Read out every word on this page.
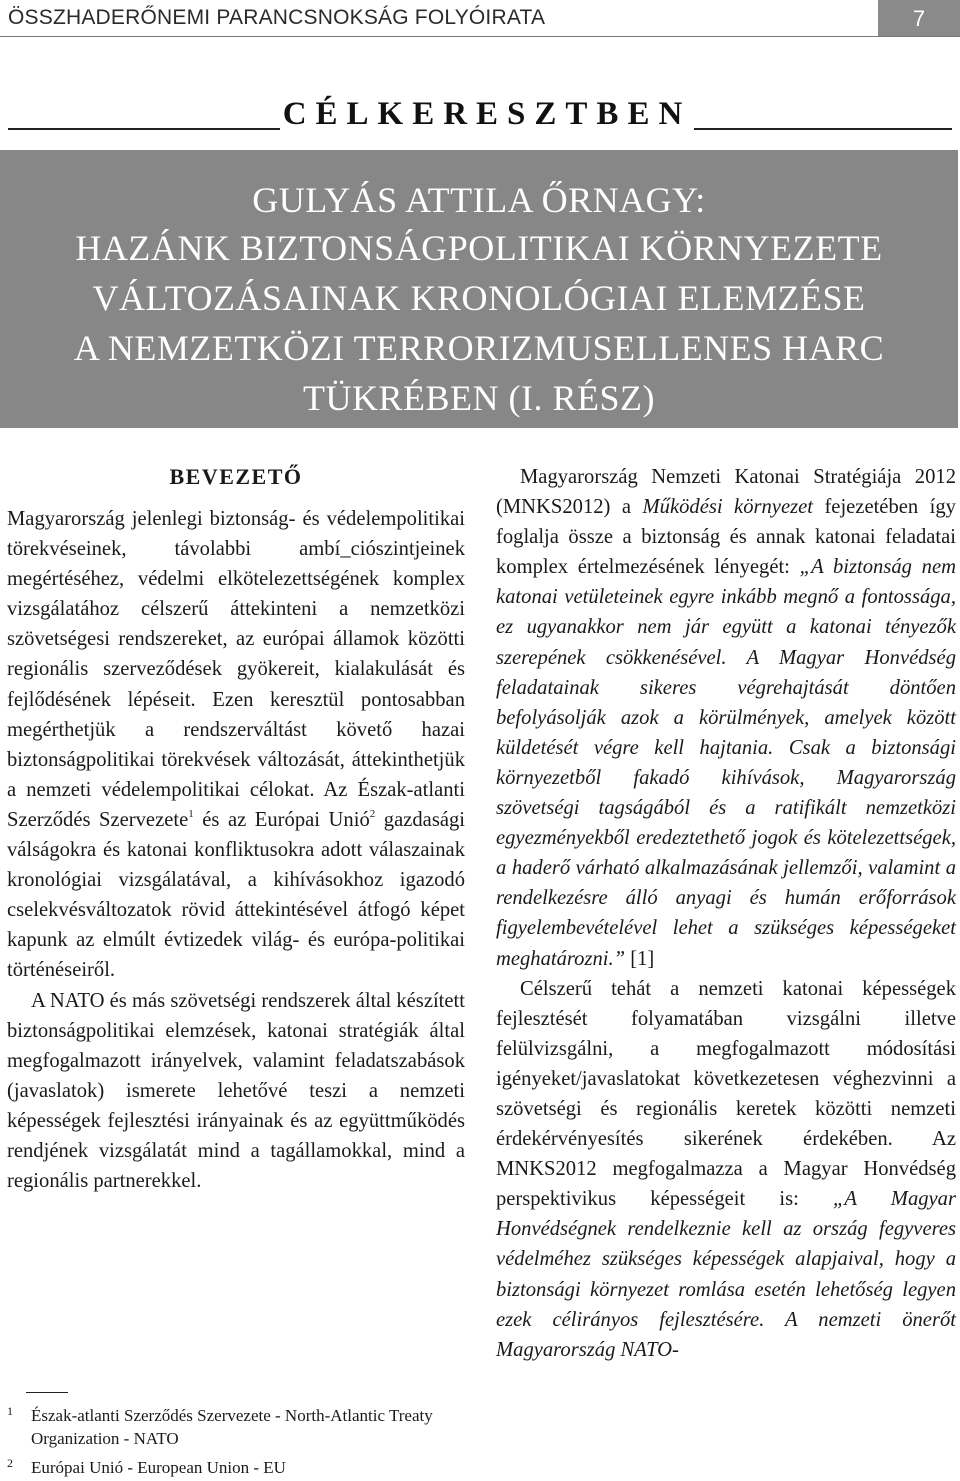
ÖSSZHADERŐNEMI PARANCSNOKSÁG FOLYÓIRATA	7
CÉLKERESZTBEN
GULYÁS ATTILA ŐRNAGY:
HAZÁNK BIZTONSÁGPOLITIKAI KÖRNYEZETE
VÁLTOZÁSAINAK KRONOLÓGIAI ELEMZÉSE
A NEMZETKÖZI TERRORIZMUSELLENES HARC
TÜKRÉBEN (I. RÉSZ)
BEVEZETŐ

Magyarország jelenlegi biztonság- és védelempolitikai törekvéseinek, távolabbi ambí_ciószintjeinek megértéséhez, védelmi elkötelezettségének komplex vizsgálatához célszerű áttekinteni a nemzetközi szövetségesi rendszereket, az európai államok közötti regionális szerveződések gyökereit, kialakulását és fejlődésének lépéseit. Ezen keresztül pontosabban megérthetjük a rendszerváltást követő hazai biztonságpolitikai törekvések változását, áttekinthetjük a nemzeti védelempolitikai célokat. Az Észak-atlanti Szerződés Szervezete$^1$ és az Európai Unió$^2$ gazdasági válságokra és katonai konfliktusokra adott válaszainak kronológiai vizsgálatával, a kihívásokhoz igazodó cselekvésváltozatok rövid áttekintésével átfogó képet kapunk az elmúlt évtizedek világ- és európa-politikai történéseiről.

A NATO és más szövetségi rendszerek által készített biztonságpolitikai elemzések, katonai stratégiák által megfogalmazott irányelvek, valamint feladatszabások (javaslatok) ismerete lehetővé teszi a nemzeti képességek fejlesztési irányainak és az együttműködés rendjének vizsgálatát mind a tagállamokkal, mind a regionális partnerekkel.

Magyarország Nemzeti Katonai Stratégiája 2012 (MNKS2012) a Működési környezet fejezetében így foglalja össze a biztonság és annak katonai feladatai komplex értelmezésének lényegét: „A biztonság nem katonai vetületeinek egyre inkább megnő a fontossága, ez ugyanakkor nem jár együtt a katonai tényezők szerepének csökkenésével. A Magyar Honvédség feladatainak sikeres végrehajtását döntően befolyásolják azok a körülmények, amelyek között küldetését végre kell hajtania. Csak a biztonsági környezetből fakadó kihívások, Magyarország szövetségi tagságából és a ratifikált nemzetközi egyezményekből eredeztethető jogok és kötelezettségek, a haderő várható alkalmazásának jellemzői, valamint a rendelkezésre álló anyagi és humán erőforrások figyelembevételével lehet a szükséges képességeket meghatározni.” [1]

Célszerű tehát a nemzeti katonai képességek fejlesztését folyamatában vizsgálni illetve felülvizsgálni, a megfogalmazott módosítási igényeket/javaslatokat következetesen véghezvinni a szövetségi és regionális keretek közötti nemzeti érdekérvényesítés sikerének érdekében. Az MNKS2012 megfogalmazza a Magyar Honvédség perspektivikus képességeit is: „A Magyar Honvédségnek rendelkeznie kell az ország fegyveres védelméhez szükséges képességek alapjaival, hogy a biztonsági környezet romlása esetén lehetőség legyen ezek célirányos fejlesztésére. A nemzeti önerőt Magyarország NATO-

1 Észak-atlanti Szerződés Szervezete - North-Atlantic Treaty Organization - NATO
2 Európai Unió - European Union - EU
